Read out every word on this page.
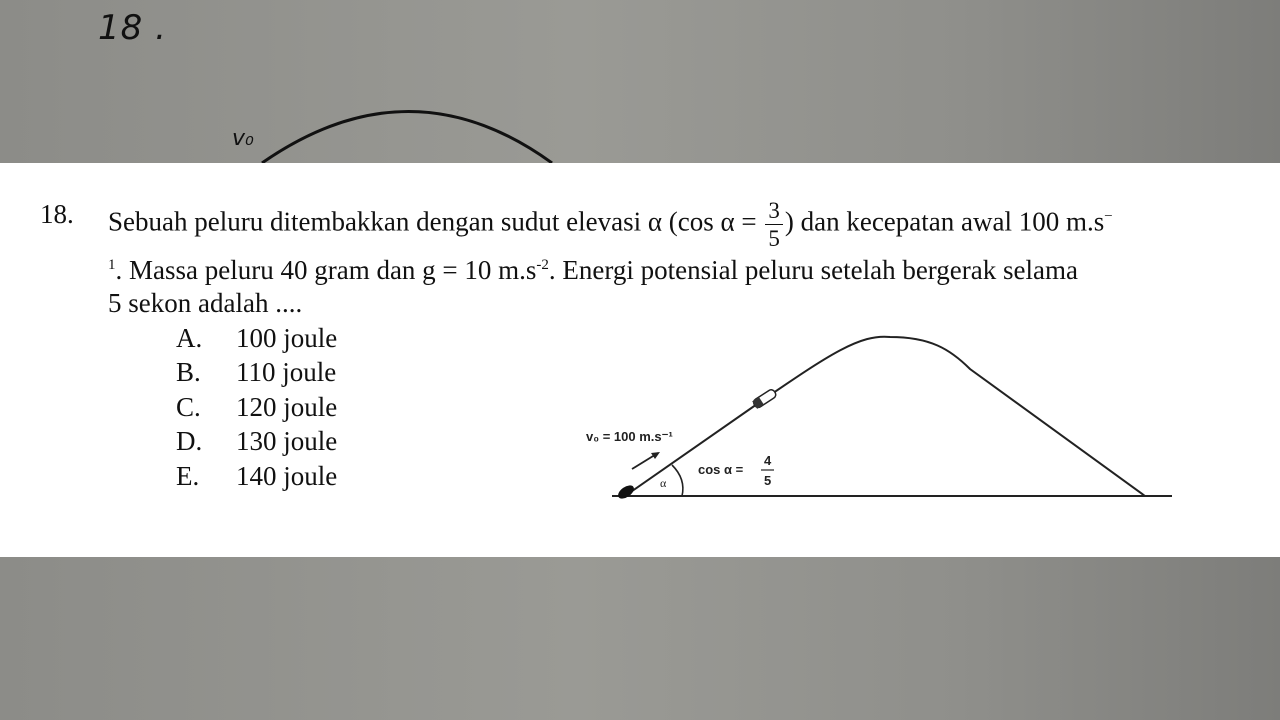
18 .
v₀
18. Sebuah peluru ditembakkan dengan sudut elevasi α (cos $\alpha = \frac{3}{5}$ ) dan kecepatan awal 100 m.s−
$^1$. Massa peluru 40 gram dan g = 10 $m.s^{-2}$. Energi potensial peluru setelah bergerak selama
5 sekon adalah ....
A.	100 joule
B.	110 joule
C.	120 joule
D.	130 joule
E.	140 joule	α
v₀ = 100 m.s⁻¹
cos α =
4
5
